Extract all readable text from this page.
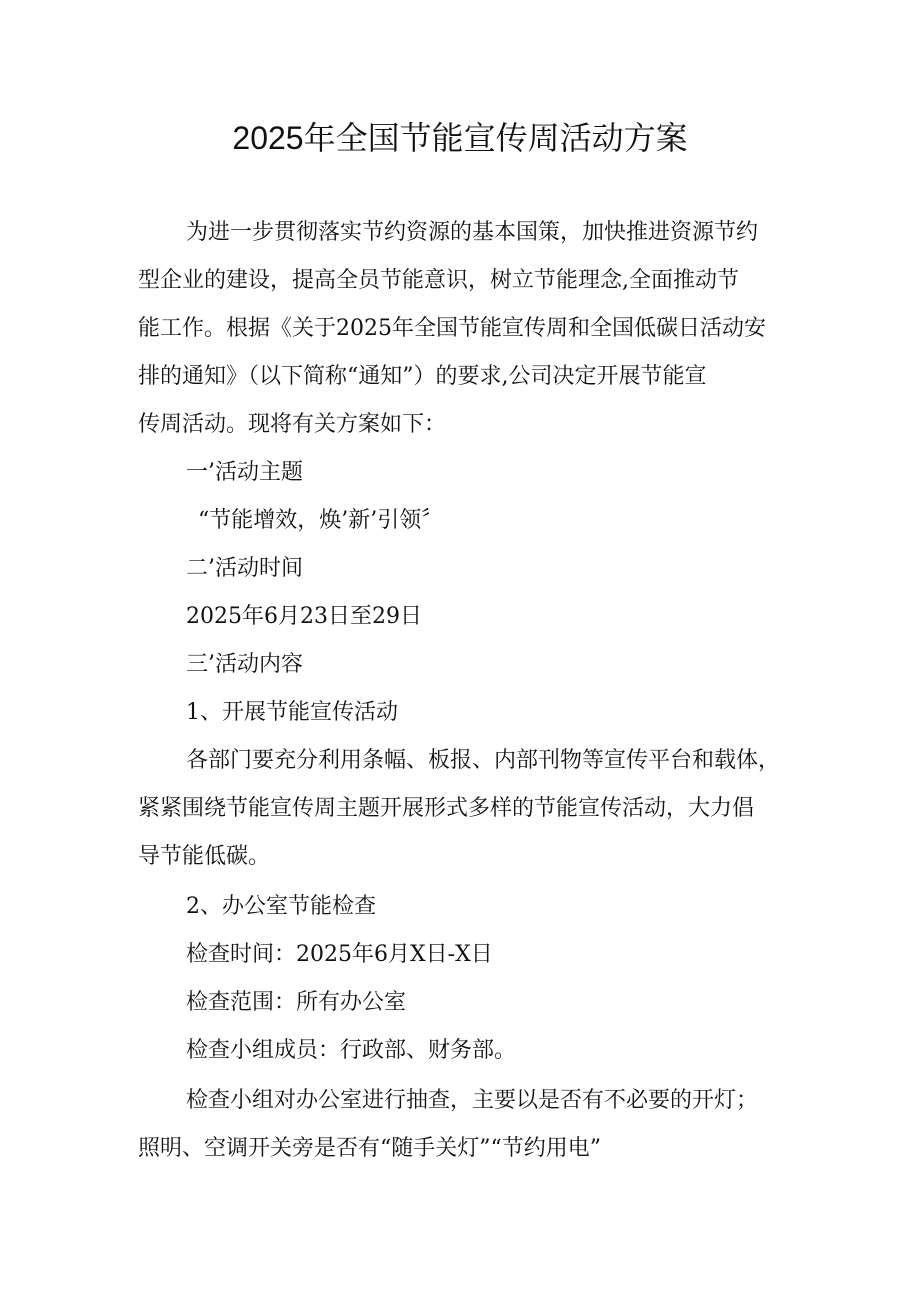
2025年全国节能宣传周活动方案
为进一步贯彻落实节约资源的基本国策，加快推进资源节约
型企业的建设，提高全员节能意识，树立节能理念,全面推动节
能工作。根据《关于2025年全国节能宣传周和全国低碳日活动安
排的通知》（以下简称“通知”）的要求,公司决定开展节能宣
传周活动。现将有关方案如下：
一’活动主题
“节能增效，焕’新’引领〞
二’活动时间
2025年6月23日至29日
三’活动内容
1、开展节能宣传活动
各部门要充分利用条幅、板报、内部刊物等宣传平台和载体，
紧紧围绕节能宣传周主题开展形式多样的节能宣传活动，大力倡
导节能低碳。
2、办公室节能检查
检查时间：2025年6月X日-X日
检查范围：所有办公室
检查小组成员：行政部、财务部。
检查小组对办公室进行抽查，主要以是否有不必要的开灯；
照明、空调开关旁是否有“随手关灯”“节约用电”
